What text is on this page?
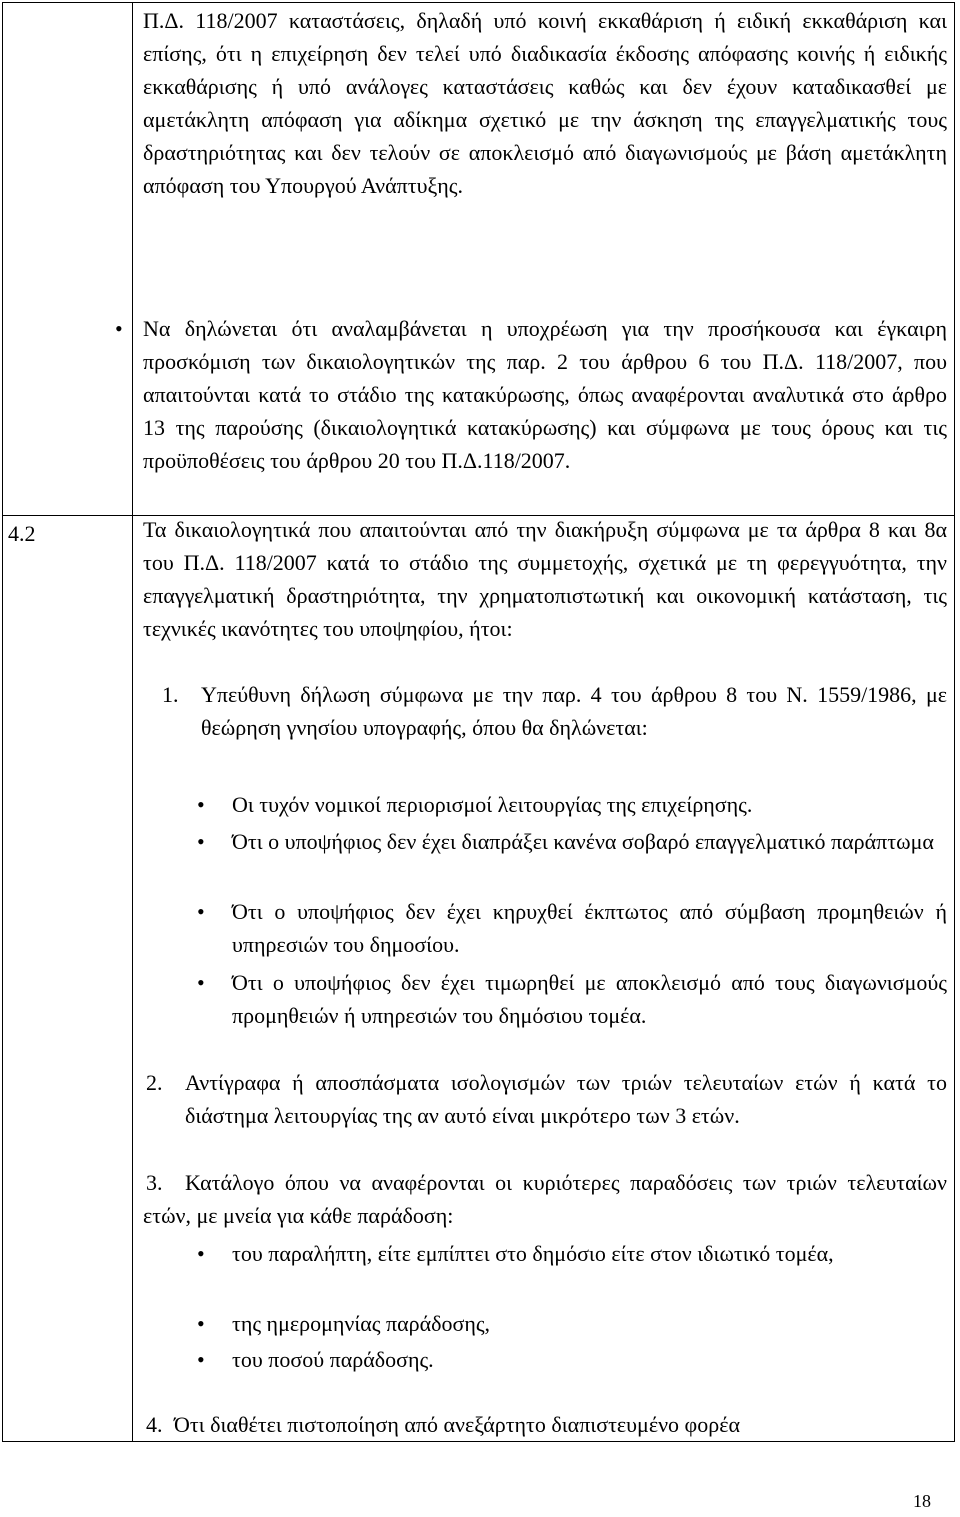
4.2
Π.Δ. 118/2007 καταστάσεις, δηλαδή υπό κοινή εκκαθάριση ή ειδική εκκαθάριση και επίσης, ότι η επιχείρηση δεν τελεί υπό διαδικασία έκδοσης απόφασης κοινής ή ειδικής εκκαθάρισης ή υπό ανάλογες καταστάσεις καθώς και δεν έχουν καταδικασθεί με αμετάκλητη απόφαση για αδίκημα σχετικό με την άσκηση της επαγγελματικής τους δραστηριότητας και δεν τελούν σε αποκλεισμό από διαγωνισμούς με βάση αμετάκλητη απόφαση του Υπουργού Ανάπτυξης.
• Να δηλώνεται ότι αναλαμβάνεται η υποχρέωση για την προσήκουσα και έγκαιρη προσκόμιση των δικαιολογητικών της παρ. 2 του άρθρου 6 του Π.Δ. 118/2007, που απαιτούνται κατά το στάδιο της κατακύρωσης, όπως αναφέρονται αναλυτικά στο άρθρο 13 της παρούσης (δικαιολογητικά κατακύρωσης) και σύμφωνα με τους όρους και τις προϋποθέσεις του άρθρου 20 του Π.Δ.118/2007.
Τα δικαιολογητικά που απαιτούνται από την διακήρυξη σύμφωνα με τα άρθρα 8 και 8α του Π.Δ. 118/2007 κατά το στάδιο της συμμετοχής, σχετικά με τη φερεγγυότητα, την επαγγελματική δραστηριότητα, την χρηματοπιστωτική και οικονομική κατάσταση, τις τεχνικές ικανότητες του υποψηφίου, ήτοι:
1. Υπεύθυνη δήλωση σύμφωνα με την παρ. 4 του άρθρου 8 του Ν. 1559/1986, με θεώρηση γνησίου υπογραφής, όπου θα δηλώνεται:
• Οι τυχόν νομικοί περιορισμοί λειτουργίας της επιχείρησης.
• Ότι ο υποψήφιος δεν έχει διαπράξει κανένα σοβαρό επαγγελματικό παράπτωμα
• Ότι ο υποψήφιος δεν έχει κηρυχθεί έκπτωτος από σύμβαση προμηθειών ή υπηρεσιών του δημοσίου.
• Ότι ο υποψήφιος δεν έχει τιμωρηθεί με αποκλεισμό από τους διαγωνισμούς προμηθειών ή υπηρεσιών του δημόσιου τομέα.
2. Αντίγραφα ή αποσπάσματα ισολογισμών των τριών τελευταίων ετών ή κατά το διάστημα λειτουργίας της αν αυτό είναι μικρότερο των 3 ετών.
3.	Κατάλογο όπου να αναφέρονται οι κυριότερες παραδόσεις των τριών τελευταίων ετών, με μνεία για κάθε παράδοση:
• του παραλήπτη, είτε εμπίπτει στο δημόσιο είτε στον ιδιωτικό τομέα,
• της ημερομηνίας παράδοσης,
• του ποσού παράδοσης.
4. Ότι διαθέτει πιστοποίηση από ανεξάρτητο διαπιστευμένο φορέα
18
